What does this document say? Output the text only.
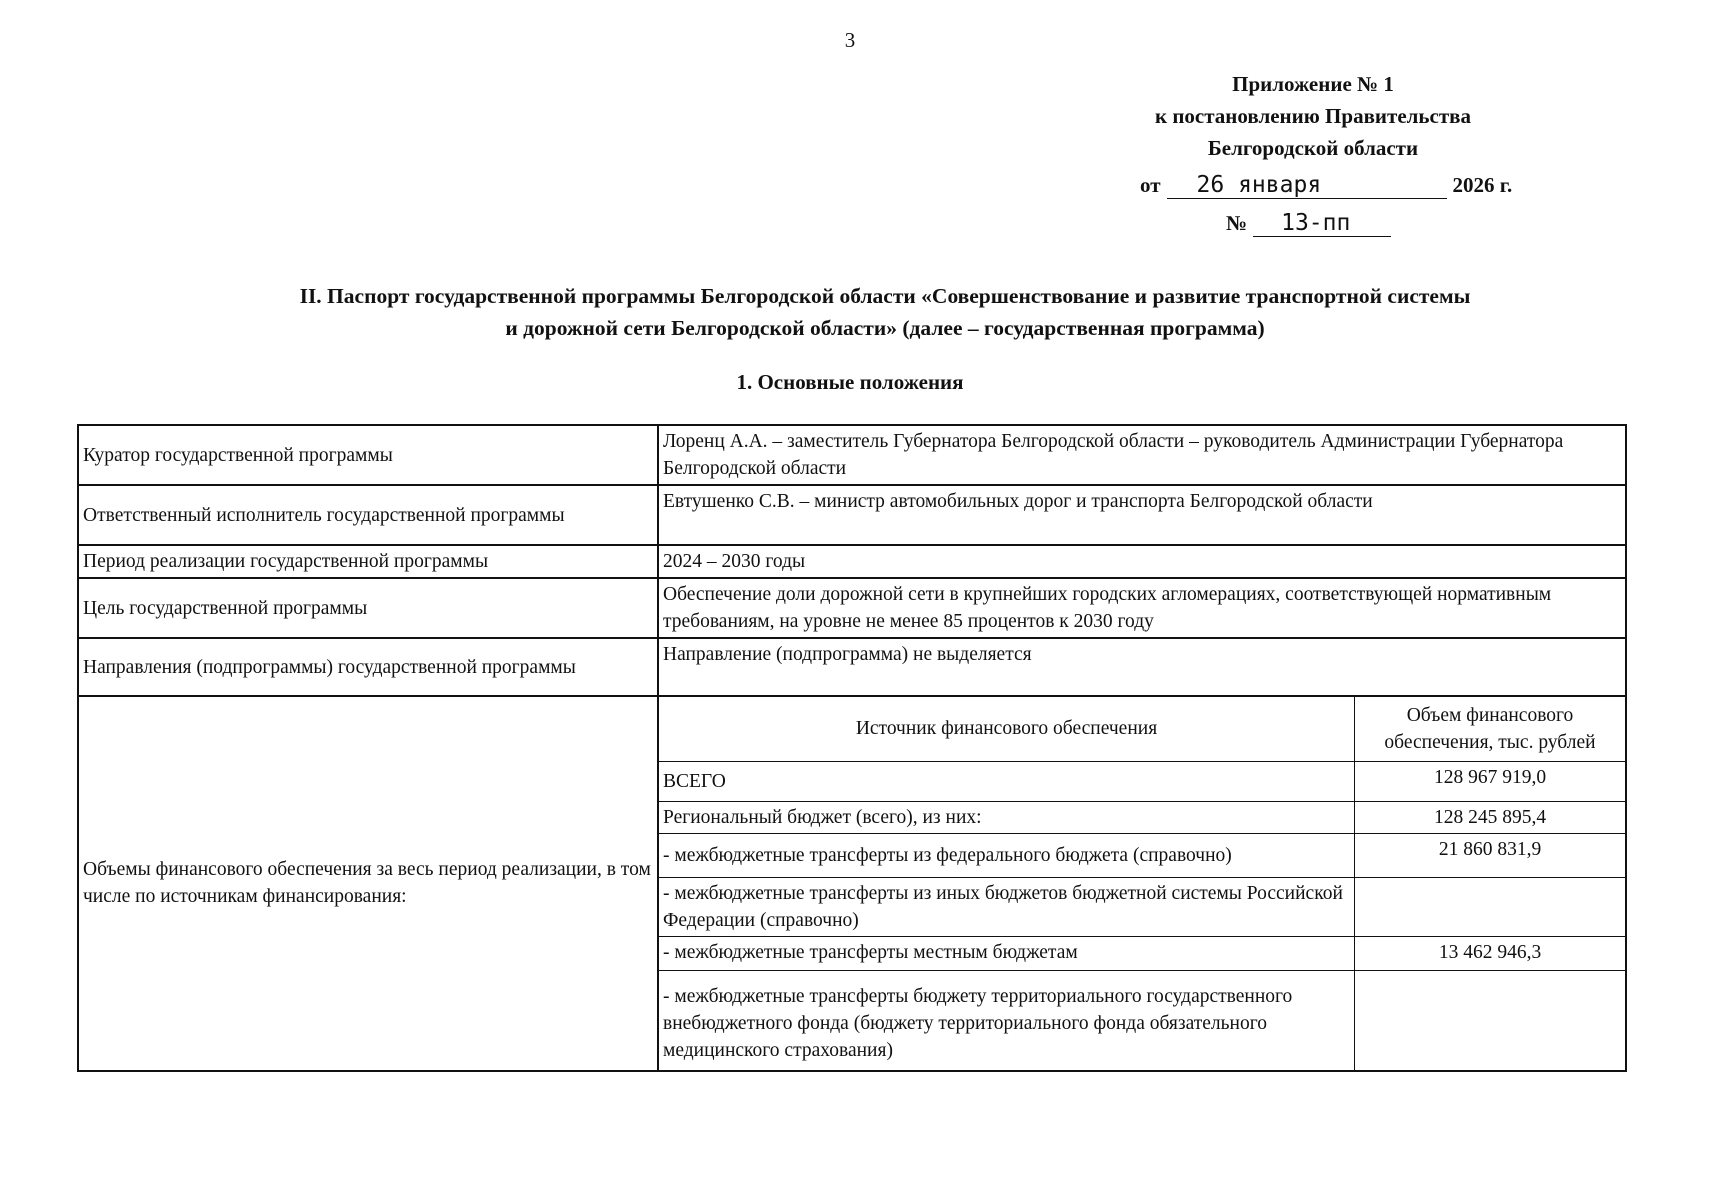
3
Приложение № 1
к постановлению Правительства
Белгородской области
от 26 января	2026 г.
№ 13-пп
II. Паспорт государственной программы Белгородской области «Совершенствование и развитие транспортной системы
и дорожной сети Белгородской области» (далее – государственная программа)
1. Основные положения
Куратор государственной программы	Лоренц А.А. – заместитель Губернатора Белгородской области – руководитель Администрации Губернатора Белгородской области
Ответственный исполнитель государственной программы	Евтушенко С.В. – министр автомобильных дорог и транспорта Белгородской области
Период реализации государственной программы	2024 – 2030 годы
Цель государственной программы	Обеспечение доли дорожной сети в крупнейших городских агломерациях, соответствующей нормативным требованиям, на уровне не менее 85 процентов к 2030 году
Направления (подпрограммы) государственной программы	Направление (подпрограмма) не выделяется
Объемы финансового обеспечения за весь период реализации, в том числе по источникам финансирования:	
Источник финансового обеспечения	Объем финансового обеспечения, тыс. рублей
ВСЕГО	128 967 919,0
Региональный бюджет (всего), из них:	128 245 895,4
- межбюджетные трансферты из федерального бюджета (справочно)	21 860 831,9
- межбюджетные трансферты из иных бюджетов бюджетной системы Российской Федерации (справочно)	
- межбюджетные трансферты местным бюджетам	13 462 946,3
- межбюджетные трансферты бюджету территориального государственного внебюджетного фонда (бюджету территориального фонда обязательного медицинского страхования)	
